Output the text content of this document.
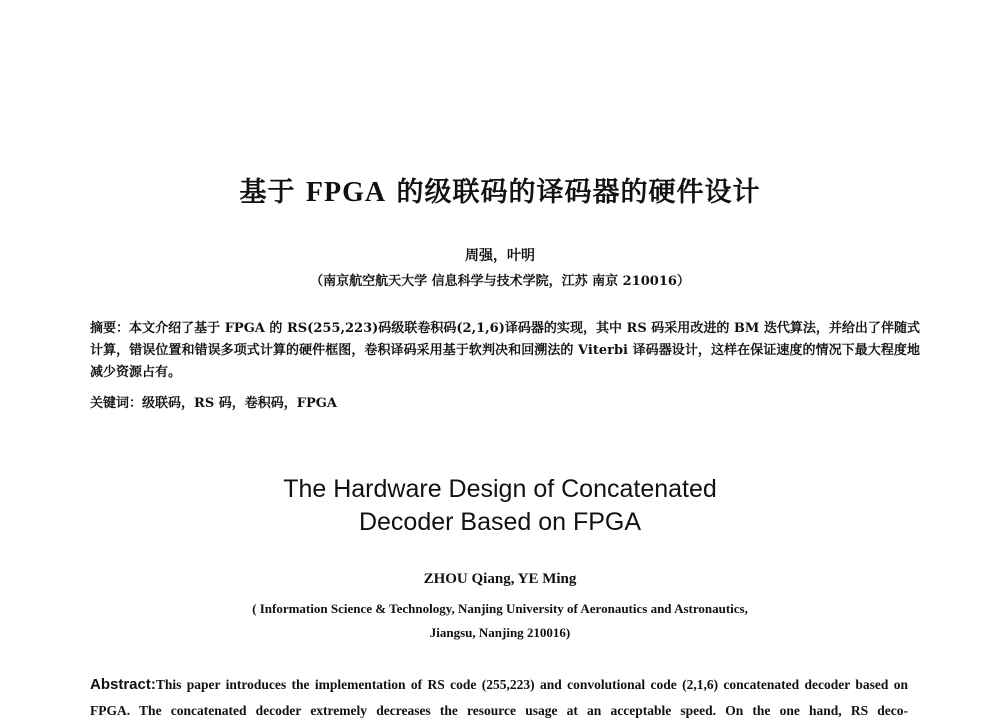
基于 FPGA 的级联码的译码器的硬件设计
周强，叶明
（南京航空航天大学 信息科学与技术学院，江苏 南京 210016）
摘要：本文介绍了基于 FPGA 的 RS(255,223)码级联卷积码(2,1,6)译码器的实现，其中 RS 码采用改进的 BM 迭代算法，并给出了伴随式计算，错误位置和错误多项式计算的硬件框图，卷积译码采用基于软判决和回溯法的 Viterbi 译码器设计，这样在保证速度的情况下最大程度地减少资源占有。
关键词：级联码，RS 码，卷积码，FPGA
The Hardware Design of Concatenated
Decoder Based on FPGA
ZHOU Qiang, YE Ming
( Information Science & Technology, Nanjing University of Aeronautics and Astronautics,
Jiangsu, Nanjing 210016)
Abstract:This paper introduces the implementation of RS code (255,223) and convolutional code (2,1,6) concatenated decoder based on FPGA. The concatenated decoder extremely decreases the resource usage at an acceptable speed. On the one hand, RS deco-
